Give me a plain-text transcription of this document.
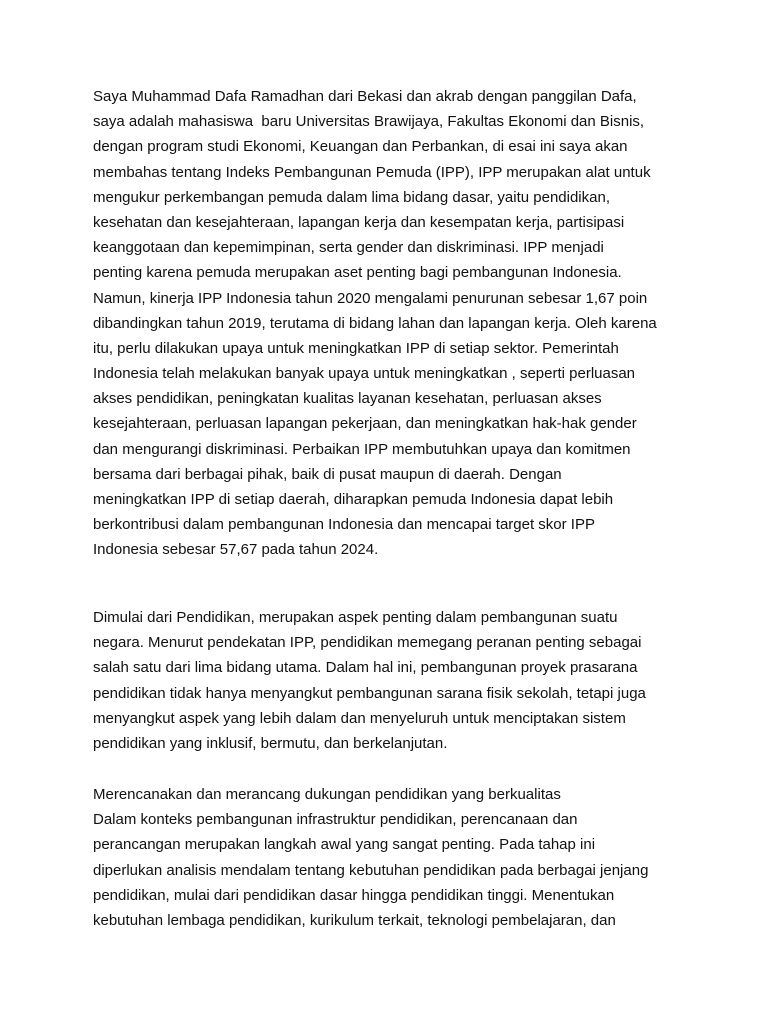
Saya Muhammad Dafa Ramadhan dari Bekasi dan akrab dengan panggilan Dafa,
saya adalah mahasiswa  baru Universitas Brawijaya, Fakultas Ekonomi dan Bisnis,
dengan program studi Ekonomi, Keuangan dan Perbankan, di esai ini saya akan
membahas tentang Indeks Pembangunan Pemuda (IPP), IPP merupakan alat untuk
mengukur perkembangan pemuda dalam lima bidang dasar, yaitu pendidikan,
kesehatan dan kesejahteraan, lapangan kerja dan kesempatan kerja, partisipasi
keanggotaan dan kepemimpinan, serta gender dan diskriminasi. IPP menjadi
penting karena pemuda merupakan aset penting bagi pembangunan Indonesia.
Namun, kinerja IPP Indonesia tahun 2020 mengalami penurunan sebesar 1,67 poin
dibandingkan tahun 2019, terutama di bidang lahan dan lapangan kerja. Oleh karena
itu, perlu dilakukan upaya untuk meningkatkan IPP di setiap sektor. Pemerintah
Indonesia telah melakukan banyak upaya untuk meningkatkan , seperti perluasan
akses pendidikan, peningkatan kualitas layanan kesehatan, perluasan akses
kesejahteraan, perluasan lapangan pekerjaan, dan meningkatkan hak-hak gender
dan mengurangi diskriminasi. Perbaikan IPP membutuhkan upaya dan komitmen
bersama dari berbagai pihak, baik di pusat maupun di daerah. Dengan
meningkatkan IPP di setiap daerah, diharapkan pemuda Indonesia dapat lebih
berkontribusi dalam pembangunan Indonesia dan mencapai target skor IPP
Indonesia sebesar 57,67 pada tahun 2024.
Dimulai dari Pendidikan, merupakan aspek penting dalam pembangunan suatu
negara. Menurut pendekatan IPP, pendidikan memegang peranan penting sebagai
salah satu dari lima bidang utama. Dalam hal ini, pembangunan proyek prasarana
pendidikan tidak hanya menyangkut pembangunan sarana fisik sekolah, tetapi juga
menyangkut aspek yang lebih dalam dan menyeluruh untuk menciptakan sistem
pendidikan yang inklusif, bermutu, dan berkelanjutan.
Merencanakan dan merancang dukungan pendidikan yang berkualitas
Dalam konteks pembangunan infrastruktur pendidikan, perencanaan dan
perancangan merupakan langkah awal yang sangat penting. Pada tahap ini
diperlukan analisis mendalam tentang kebutuhan pendidikan pada berbagai jenjang
pendidikan, mulai dari pendidikan dasar hingga pendidikan tinggi. Menentukan
kebutuhan lembaga pendidikan, kurikulum terkait, teknologi pembelajaran, dan
